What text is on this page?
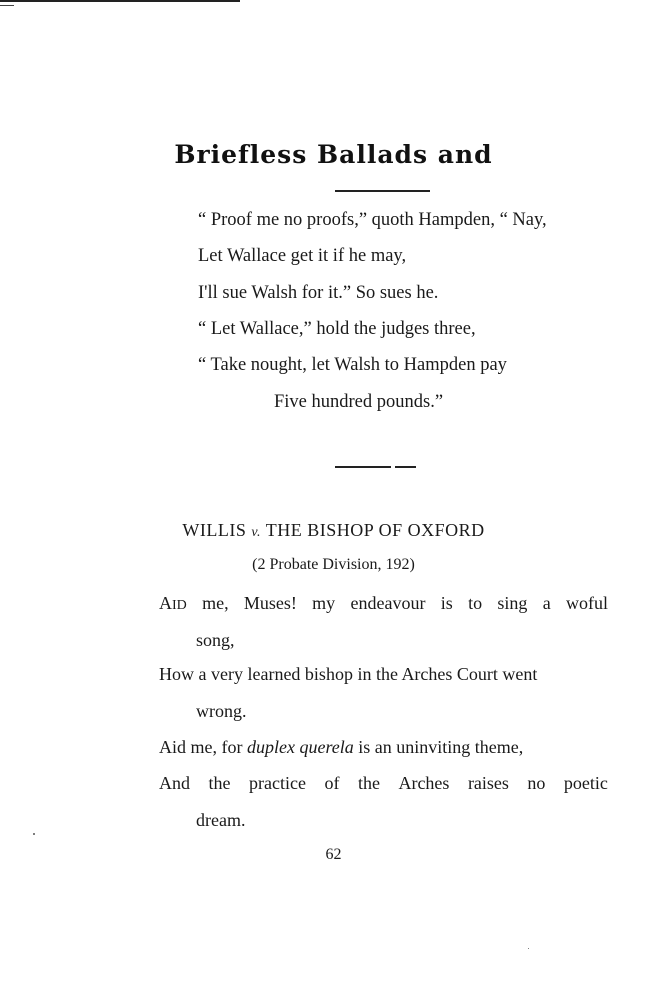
Briefless Ballads and
“ Proof me no proofs,” quoth Hampden, “ Nay,
Let Wallace get it if he may,
I'll sue Walsh for it.” So sues he.
“ Let Wallace,” hold the judges three,
“ Take nought, let Walsh to Hampden pay
Five hundred pounds.”
WILLIS v. THE BISHOP OF OXFORD
(2 Probate Division, 192)
AID me, Muses! my endeavour is to sing a woful
song,
How a very learned bishop in the Arches Court went
wrong.
Aid me, for duplex querela is an uninviting theme,
And the practice of the Arches raises no poetic
dream.
62
